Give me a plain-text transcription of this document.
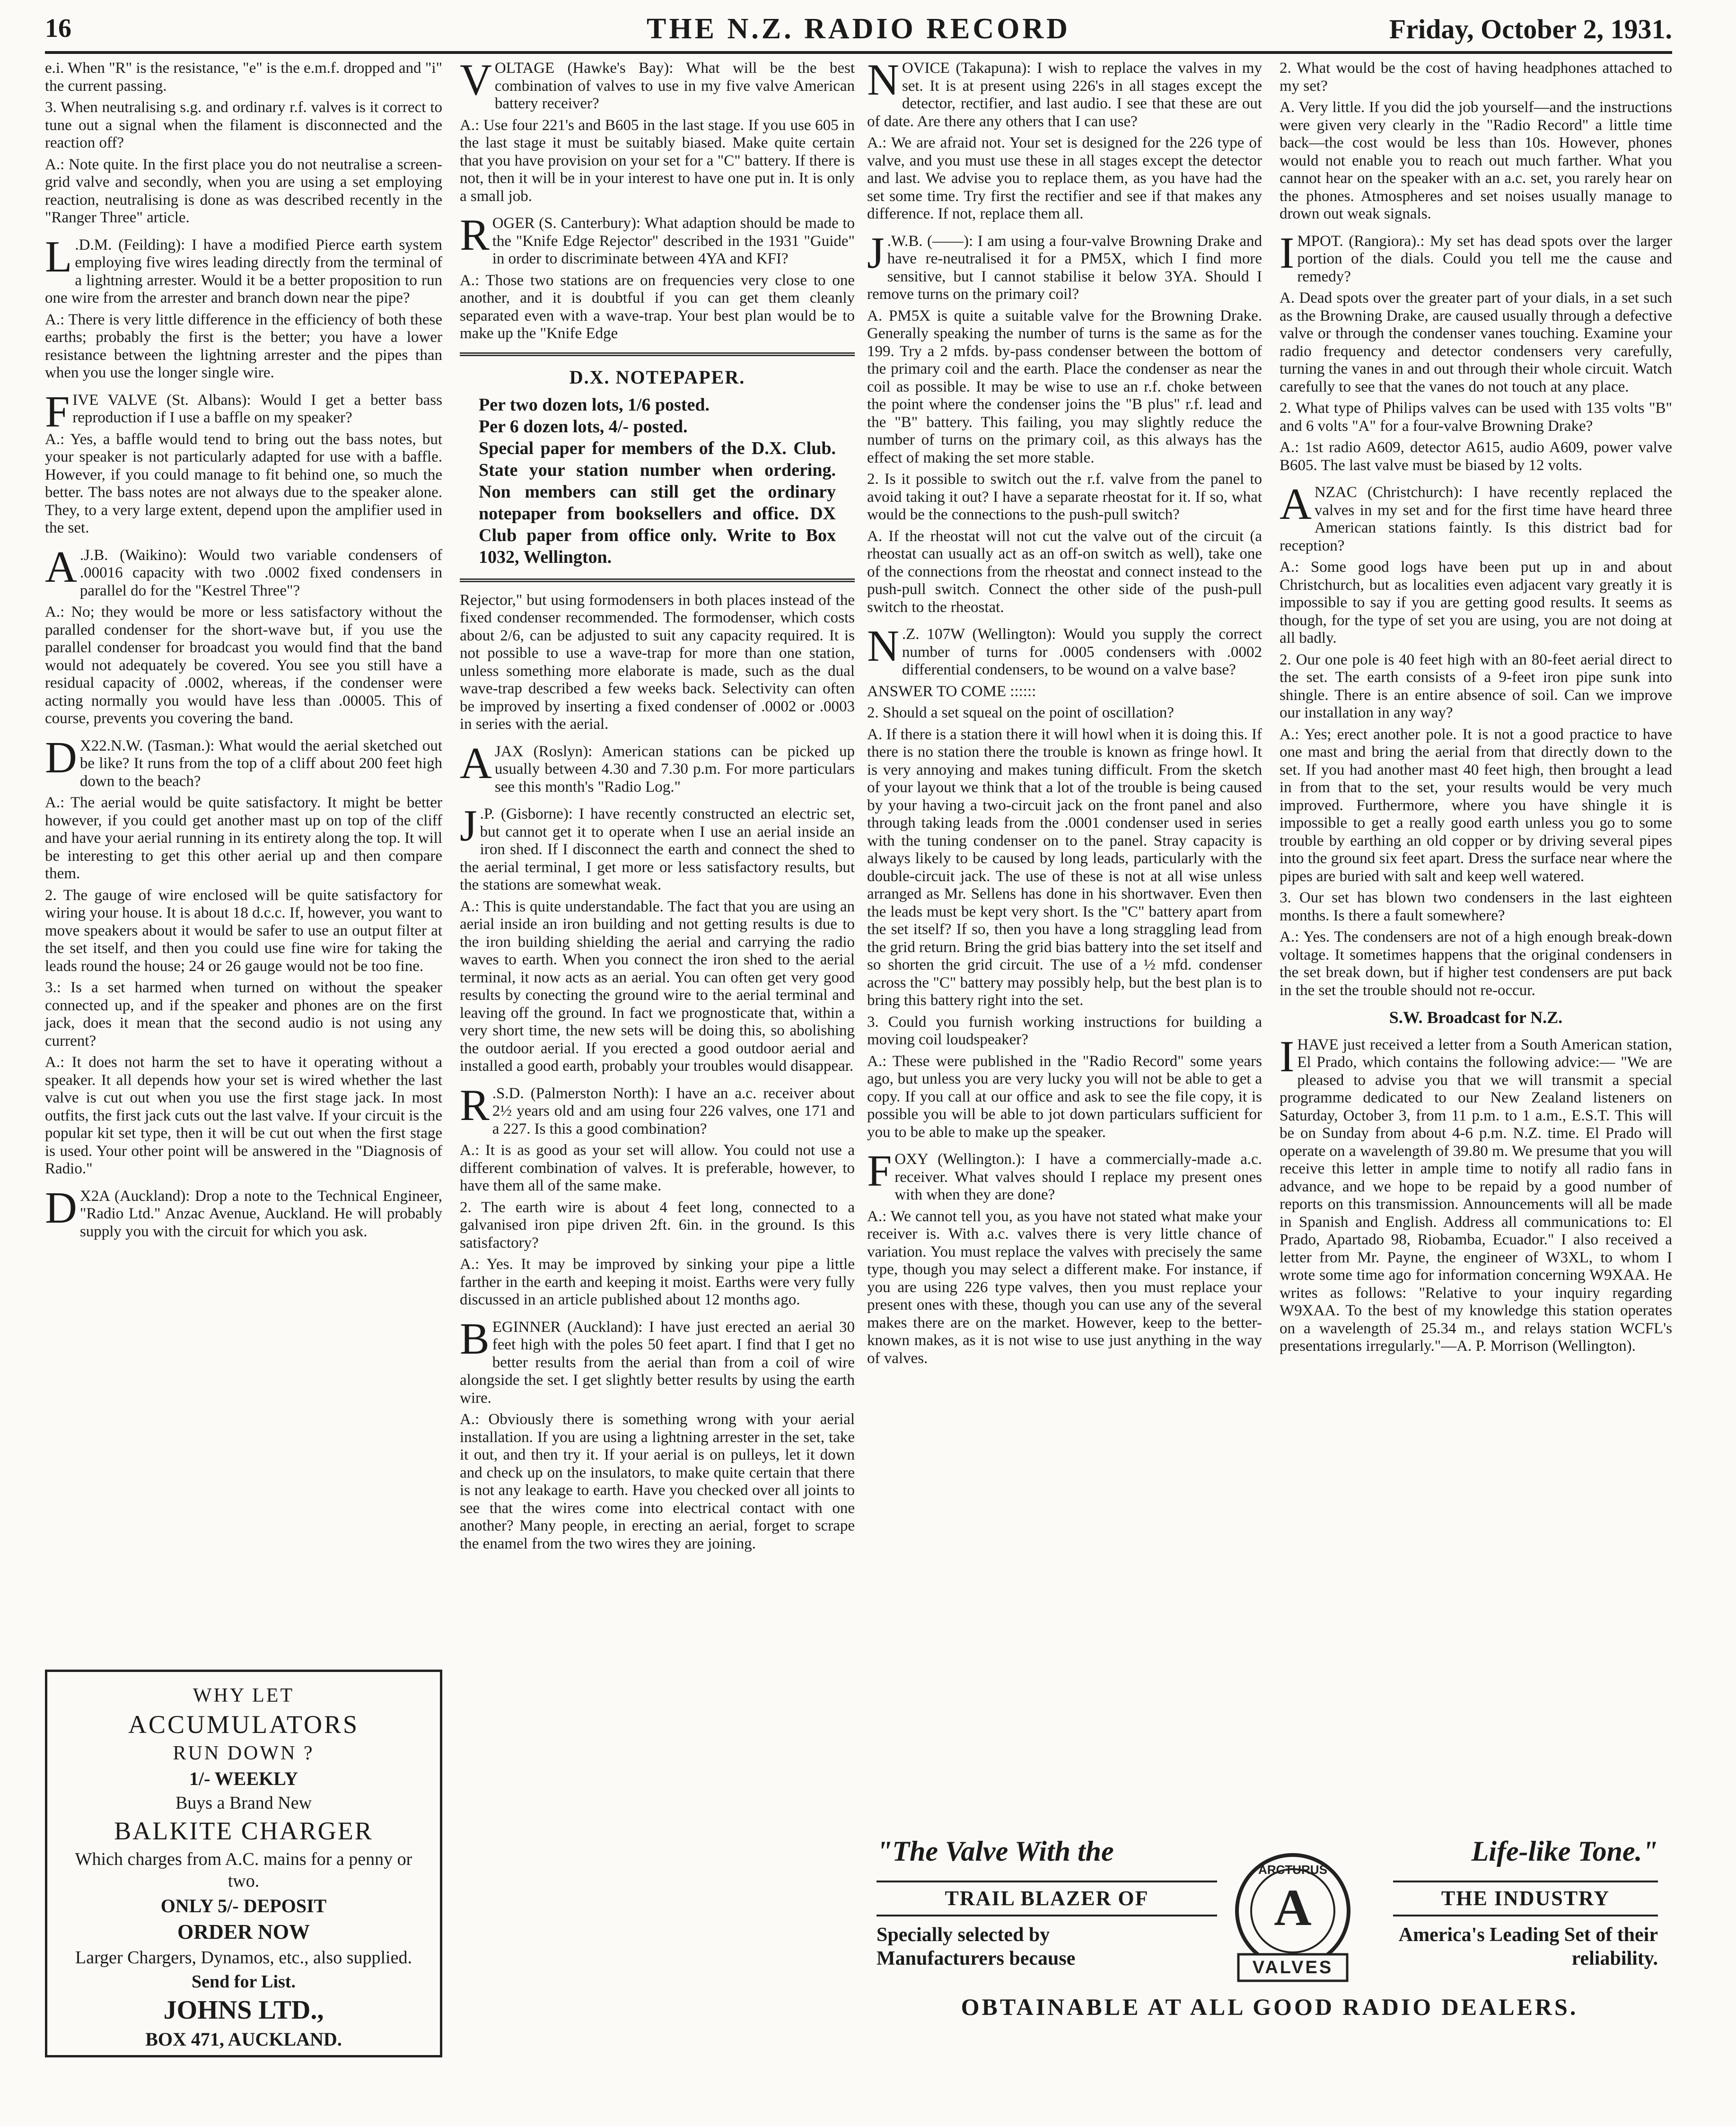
16	THE N.Z. RADIO RECORD	Friday, October 2, 1931.

e.i. When "R" is the resistance, "e" is the e.m.f. dropped and "i" the current passing.

3. When neutralising s.g. and ordinary r.f. valves is it correct to tune out a signal when the filament is disconnected and the reaction off?

A.: Note quite. In the first place you do not neutralise a screen-grid valve and secondly, when you are using a set employing reaction, neutralising is done as was described recently in the "Ranger Three" article.

L .D.M. (Feilding): I have a modified Pierce earth system employing five wires leading directly from the terminal of a lightning arrester. Would it be a better proposition to run one wire from the arrester and branch down near the pipe?

A.: There is very little difference in the efficiency of both these earths; probably the first is the better; you have a lower resistance between the lightning arrester and the pipes than when you use the longer single wire.

FIVE VALVE (St. Albans): Would I get a better bass reproduction if I use a baffle on my speaker?

A.: Yes, a baffle would tend to bring out the bass notes, but your speaker is not particularly adapted for use with a baffle. However, if you could manage to fit behind one, so much the better. The bass notes are not always due to the speaker alone. They, to a very large extent, depend upon the amplifier used in the set.

A .J.B. (Waikino): Would two variable condensers of .00016 capacity with two .0002 fixed condensers in parallel do for the "Kestrel Three"?

A.: No; they would be more or less satisfactory without the paralled condenser for the short-wave but, if you use the parallel condenser for broadcast you would find that the band would not adequately be covered. You see you still have a residual capacity of .0002, whereas, if the condenser were acting normally you would have less than .00005. This of course, prevents you covering the band.

D X22.N.W. (Tasman.): What would the aerial sketched out be like? It runs from the top of a cliff about 200 feet high down to the beach?

A.: The aerial would be quite satisfactory. It might be better however, if you could get another mast up on top of the cliff and have your aerial running in its entirety along the top. It will be interesting to get this other aerial up and then compare them.

2. The gauge of wire enclosed will be quite satisfactory for wiring your house. It is about 18 d.c.c. If, however, you want to move speakers about it would be safer to use an output filter at the set itself, and then you could use fine wire for taking the leads round the house; 24 or 26 gauge would not be too fine.

3.: Is a set harmed when turned on without the speaker connected up, and if the speaker and phones are on the first jack, does it mean that the second audio is not using any current?

A.: It does not harm the set to have it operating without a speaker. It all depends how your set is wired whether the last valve is cut out when you use the first stage jack. In most outfits, the first jack cuts out the last valve. If your circuit is the popular kit set type, then it will be cut out when the first stage is used. Your other point will be answered in the "Diagnosis of Radio."

D X2A (Auckland): Drop a note to the Technical Engineer, "Radio Ltd." Anzac Avenue, Auckland. He will probably supply you with the circuit for which you ask.

WHY LET
ACCUMULATORS
RUN DOWN ?
1/- WEEKLY
Buys a Brand New
BALKITE CHARGER
Which charges from A.C. mains for a penny or two.
ONLY 5/- DEPOSIT
ORDER NOW
Larger Chargers, Dynamos, etc., also supplied.
Send for List.
JOHNS LTD.,
BOX 471, AUCKLAND.

VOLTAGE (Hawke's Bay): What will be the best combination of valves to use in my five valve American battery receiver?

A.: Use four 221's and B605 in the last stage. If you use 605 in the last stage it must be suitably biased. Make quite certain that you have provision on your set for a "C" battery. If there is not, then it will be in your interest to have one put in. It is only a small job.

ROGER (S. Canterbury): What adaption should be made to the "Knife Edge Rejector" described in the 1931 "Guide" in order to discriminate between 4YA and KFI?

A.: Those two stations are on frequencies very close to one another, and it is doubtful if you can get them cleanly separated even with a wave-trap. Your best plan would be to make up the "Knife Edge

D.X. NOTEPAPER.
Per two dozen lots, 1/6 posted.
Per 6 dozen lots, 4/- posted.
Special paper for members of the D.X. Club. State your station number when ordering. Non members can still get the ordinary notepaper from booksellers and office. DX Club paper from office only. Write to Box 1032, Wellington.

Rejector," but using formodensers in both places instead of the fixed condenser recommended. The formodenser, which costs about 2/6, can be adjusted to suit any capacity required. It is not possible to use a wave-trap for more than one station, unless something more elaborate is made, such as the dual wave-trap described a few weeks back. Selectivity can often be improved by inserting a fixed condenser of .0002 or .0003 in series with the aerial.

AJAX (Roslyn): American stations can be picked up usually between 4.30 and 7.30 p.m. For more particulars see this month's "Radio Log."

J .P. (Gisborne): I have recently constructed an electric set, but cannot get it to operate when I use an aerial inside an iron shed. If I disconnect the earth and connect the shed to the aerial terminal, I get more or less satisfactory results, but the stations are somewhat weak.

A.: This is quite understandable. The fact that you are using an aerial inside an iron building and not getting results is due to the iron building shielding the aerial and carrying the radio waves to earth. When you connect the iron shed to the aerial terminal, it now acts as an aerial. You can often get very good results by conecting the ground wire to the aerial terminal and leaving off the ground. In fact we prognosticate that, within a very short time, the new sets will be doing this, so abolishing the outdoor aerial. If you erected a good outdoor aerial and installed a good earth, probably your troubles would disappear.

R .S.D. (Palmerston North): I have an a.c. receiver about 2½ years old and am using four 226 valves, one 171 and a 227. Is this a good combination?

A.: It is as good as your set will allow. You could not use a different combination of valves. It is preferable, however, to have them all of the same make.

2. The earth wire is about 4 feet long, connected to a galvanised iron pipe driven 2ft. 6in. in the ground. Is this satisfactory?

A.: Yes. It may be improved by sinking your pipe a little farther in the earth and keeping it moist. Earths were very fully discussed in an article published about 12 months ago.

BEGINNER (Auckland): I have just erected an aerial 30 feet high with the poles 50 feet apart. I find that I get no better results from the aerial than from a coil of wire alongside the set. I get slightly better results by using the earth wire.

A.: Obviously there is something wrong with your aerial installation. If you are using a lightning arrester in the set, take it out, and then try it. If your aerial is on pulleys, let it down and check up on the insulators, to make quite certain that there is not any leakage to earth. Have you checked over all joints to see that the wires come into electrical contact with one another? Many people, in erecting an aerial, forget to scrape the enamel from the two wires they are joining.

NOVICE (Takapuna): I wish to replace the valves in my set. It is at present using 226's in all stages except the detector, rectifier, and last audio. I see that these are out of date. Are there any others that I can use?

A.: We are afraid not. Your set is designed for the 226 type of valve, and you must use these in all stages except the detector and last. We advise you to replace them, as you have had the set some time. Try first the rectifier and see if that makes any difference. If not, replace them all.

J .W.B. (——): I am using a four-valve Browning Drake and have re-neutralised it for a PM5X, which I find more sensitive, but I cannot stabilise it below 3YA. Should I remove turns on the primary coil?

A. PM5X is quite a suitable valve for the Browning Drake. Generally speaking the number of turns is the same as for the 199. Try a 2 mfds. by-pass condenser between the bottom of the primary coil and the earth. Place the condenser as near the coil as possible. It may be wise to use an r.f. choke between the point where the condenser joins the "B plus" r.f. lead and the "B" battery. This failing, you may slightly reduce the number of turns on the primary coil, as this always has the effect of making the set more stable.

2. Is it possible to switch out the r.f. valve from the panel to avoid taking it out? I have a separate rheostat for it. If so, what would be the connections to the push-pull switch?

A. If the rheostat will not cut the valve out of the circuit (a rheostat can usually act as an off-on switch as well), take one of the connections from the rheostat and connect instead to the push-pull switch. Connect the other side of the push-pull switch to the rheostat.

N .Z. 107W (Wellington): Would you supply the correct number of turns for .0005 condensers with .0002 differential condensers, to be wound on a valve base?

ANSWER TO COME ::::::

2. Should a set squeal on the point of oscillation?

A. If there is a station there it will howl when it is doing this. If there is no station there the trouble is known as fringe howl. It is very annoying and makes tuning difficult. From the sketch of your layout we think that a lot of the trouble is being caused by your having a two-circuit jack on the front panel and also through taking leads from the .0001 condenser used in series with the tuning condenser on to the panel. Stray capacity is always likely to be caused by long leads, particularly with the double-circuit jack. The use of these is not at all wise unless arranged as Mr. Sellens has done in his shortwaver. Even then the leads must be kept very short. Is the "C" battery apart from the set itself? If so, then you have a long straggling lead from the grid return. Bring the grid bias battery into the set itself and so shorten the grid circuit. The use of a ½ mfd. condenser across the "C" battery may possibly help, but the best plan is to bring this battery right into the set.

3. Could you furnish working instructions for building a moving coil loudspeaker?

A.: These were published in the "Radio Record" some years ago, but unless you are very lucky you will not be able to get a copy. If you call at our office and ask to see the file copy, it is possible you will be able to jot down particulars sufficient for you to be able to make up the speaker.

FOXY (Wellington.): I have a commercially-made a.c. receiver. What valves should I replace my present ones with when they are done?

A.: We cannot tell you, as you have not stated what make your receiver is. With a.c. valves there is very little chance of variation. You must replace the valves with precisely the same type, though you may select a different make. For instance, if you are using 226 type valves, then you must replace your present ones with these, though you can use any of the several makes there are on the market. However, keep to the better-known makes, as it is not wise to use just anything in the way of valves.

2. What would be the cost of having headphones attached to my set?

A. Very little. If you did the job yourself—and the instructions were given very clearly in the "Radio Record" a little time back—the cost would be less than 10s. However, phones would not enable you to reach out much farther. What you cannot hear on the speaker with an a.c. set, you rarely hear on the phones. Atmospheres and set noises usually manage to drown out weak signals.

IMPOT. (Rangiora).: My set has dead spots over the larger portion of the dials. Could you tell me the cause and remedy?

A. Dead spots over the greater part of your dials, in a set such as the Browning Drake, are caused usually through a defective valve or through the condenser vanes touching. Examine your radio frequency and detector condensers very carefully, turning the vanes in and out through their whole circuit. Watch carefully to see that the vanes do not touch at any place.

2. What type of Philips valves can be used with 135 volts "B" and 6 volts "A" for a four-valve Browning Drake?

A.: 1st radio A609, detector A615, audio A609, power valve B605. The last valve must be biased by 12 volts.

ANZAC (Christchurch): I have recently replaced the valves in my set and for the first time have heard three American stations faintly. Is this district bad for reception?

A.: Some good logs have been put up in and about Christchurch, but as localities even adjacent vary greatly it is impossible to say if you are getting good results. It seems as though, for the type of set you are using, you are not doing at all badly.

2. Our one pole is 40 feet high with an 80-feet aerial direct to the set. The earth consists of a 9-feet iron pipe sunk into shingle. There is an entire absence of soil. Can we improve our installation in any way?

A.: Yes; erect another pole. It is not a good practice to have one mast and bring the aerial from that directly down to the set. If you had another mast 40 feet high, then brought a lead in from that to the set, your results would be very much improved. Furthermore, where you have shingle it is impossible to get a really good earth unless you go to some trouble by earthing an old copper or by driving several pipes into the ground six feet apart. Dress the surface near where the pipes are buried with salt and keep well watered.

3. Our set has blown two condensers in the last eighteen months. Is there a fault somewhere?

A.: Yes. The condensers are not of a high enough break-down voltage. It sometimes happens that the original condensers in the set break down, but if higher test condensers are put back in the set the trouble should not re-occur.

S.W. Broadcast for N.Z.

IHAVE just received a letter from a South American station, El Prado, which contains the following advice:— "We are pleased to advise you that we will transmit a special programme dedicated to our New Zealand listeners on Saturday, October 3, from 11 p.m. to 1 a.m., E.S.T. This will be on Sunday from about 4-6 p.m. N.Z. time. El Prado will operate on a wavelength of 39.80 m. We presume that you will receive this letter in ample time to notify all radio fans in advance, and we hope to be repaid by a good number of reports on this transmission. Announcements will all be made in Spanish and English. Address all communications to: El Prado, Apartado 98, Riobamba, Ecuador." I also received a letter from Mr. Payne, the engineer of W3XL, to whom I wrote some time ago for information concerning W9XAA. He writes as follows: "Relative to your inquiry regarding W9XAA. To the best of my knowledge this station operates on a wavelength of 25.34 m., and relays station WCFL's presentations irregularly."—A. P. Morrison (Wellington).

"The Valve With the	Life-like Tone."
TRAIL BLAZER OF	THE INDUSTRY
Specially selected by Manufacturers because
America's Leading Set of their reliability.
A
ARCTURUS
VALVES
OBTAINABLE AT ALL GOOD RADIO DEALERS.
